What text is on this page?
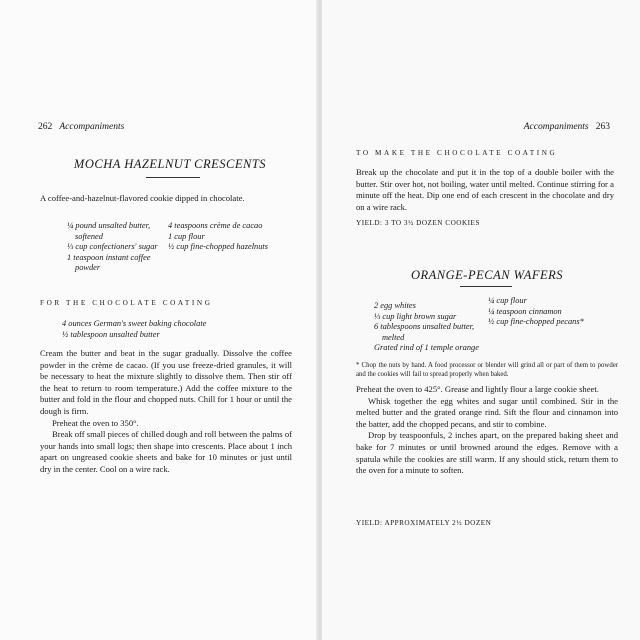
262 Accompaniments
MOCHA HAZELNUT CRESCENTS
A coffee-and-hazelnut-flavored cookie dipped in chocolate.
¼ pound unsalted butter, softened
⅓ cup confectioners' sugar
1 teaspoon instant coffee powder
4 teaspoons crème de cacao
1 cup flour
½ cup fine-chopped hazelnuts
FOR THE CHOCOLATE COATING
4 ounces German's sweet baking chocolate
½ tablespoon unsalted butter

Cream the butter and beat in the sugar gradually. Dissolve the coffee powder in the crème de cacao. (If you use freeze-dried granules, it will be necessary to heat the mixture slightly to dissolve them. Then stir off the heat to return to room temperature.) Add the coffee mixture to the butter and fold in the flour and chopped nuts. Chill for 1 hour or until the dough is firm.

Preheat the oven to 350°.

Break off small pieces of chilled dough and roll between the palms of your hands into small logs; then shape into crescents. Place about 1 inch apart on ungreased cookie sheets and bake for 10 minutes or just until dry in the center. Cool on a wire rack.

Accompaniments 263
TO MAKE THE CHOCOLATE COATING

Break up the chocolate and put it in the top of a double boiler with the butter. Stir over hot, not boiling, water until melted. Continue stirring for a minute off the heat. Dip one end of each crescent in the chocolate and dry on a wire rack.

YIELD: 3 TO 3½ DOZEN COOKIES
ORANGE-PECAN WAFERS
2 egg whites
⅓ cup light brown sugar
6 tablespoons unsalted butter, melted
Grated rind of 1 temple orange
¼ cup flour
¼ teaspoon cinnamon
½ cup fine-chopped pecans*

* Chop the nuts by hand. A food processor or blender will grind all or part of them to powder and the cookies will fail to spread properly when baked.

Preheat the oven to 425°. Grease and lightly flour a large cookie sheet.

Whisk together the egg whites and sugar until combined. Stir in the melted butter and the grated orange rind. Sift the flour and cinnamon into the batter, add the chopped pecans, and stir to combine.

Drop by teaspoonfuls, 2 inches apart, on the prepared baking sheet and bake for 7 minutes or until browned around the edges. Remove with a spatula while the cookies are still warm. If any should stick, return them to the oven for a minute to soften.

YIELD: APPROXIMATELY 2½ DOZEN
